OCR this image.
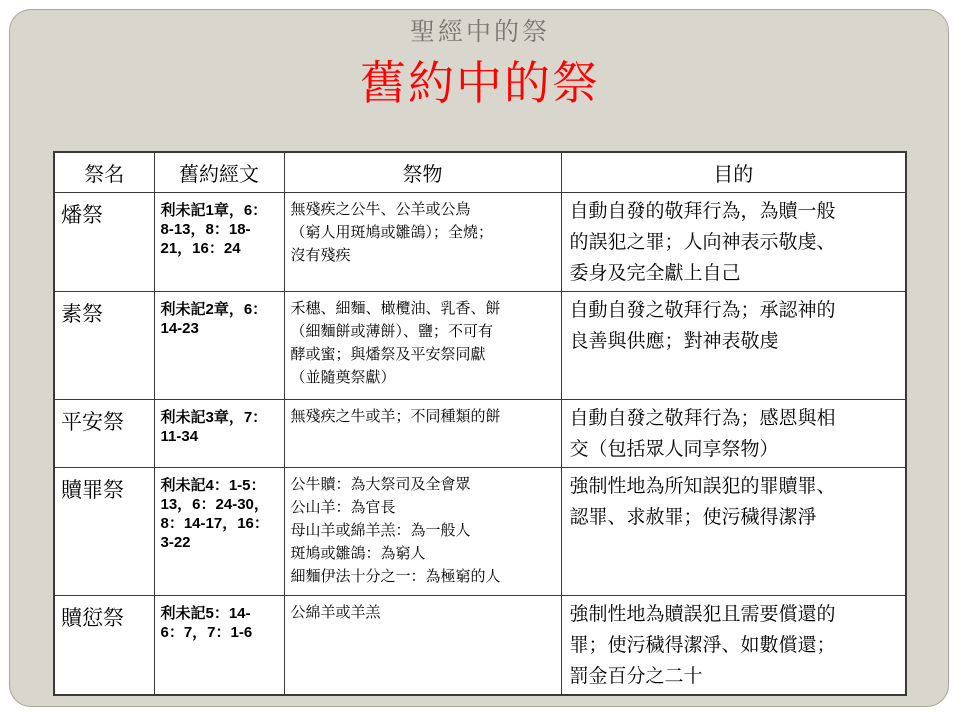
聖經中的祭
舊約中的祭
祭名	舊約經文	祭物	目的
燔祭	利未記1章，6：
8-13，8：18-
21，16：24	無殘疾之公牛、公羊或公鳥
（窮人用斑鳩或雛鴿）；全燒；
沒有殘疾	自動自發的敬拜行為，為贖一般
的誤犯之罪；人向神表示敬虔、
委身及完全獻上自己

素祭	利未記2章，6：
14-23	禾穗、細麵、橄欖油、乳香、餅
（細麵餅或薄餅）、鹽；不可有
酵或蜜；與燔祭及平安祭同獻
（並隨奠祭獻）	自動自發之敬拜行為；承認神的
良善與供應；對神表敬虔

平安祭	利未記3章，7：
11-34	無殘疾之牛或羊；不同種類的餅	自動自發之敬拜行為；感恩與相
交（包括眾人同享祭物）

贖罪祭	利未記4：1-5：
13，6：24-30，
8：14-17，16：
3-22	公牛贖：為大祭司及全會眾
公山羊：為官長
母山羊或綿羊羔：為一般人
斑鳩或雛鴿：為窮人
細麵伊法十分之一：為極窮的人	強制性地為所知誤犯的罪贖罪、
認罪、求赦罪；使污穢得潔淨

贖愆祭	利未記5：14-
6：7，7：1-6	公綿羊或羊羔	強制性地為贖誤犯且需要償還的
罪；使污穢得潔淨、如數償還；
罰金百分之二十
